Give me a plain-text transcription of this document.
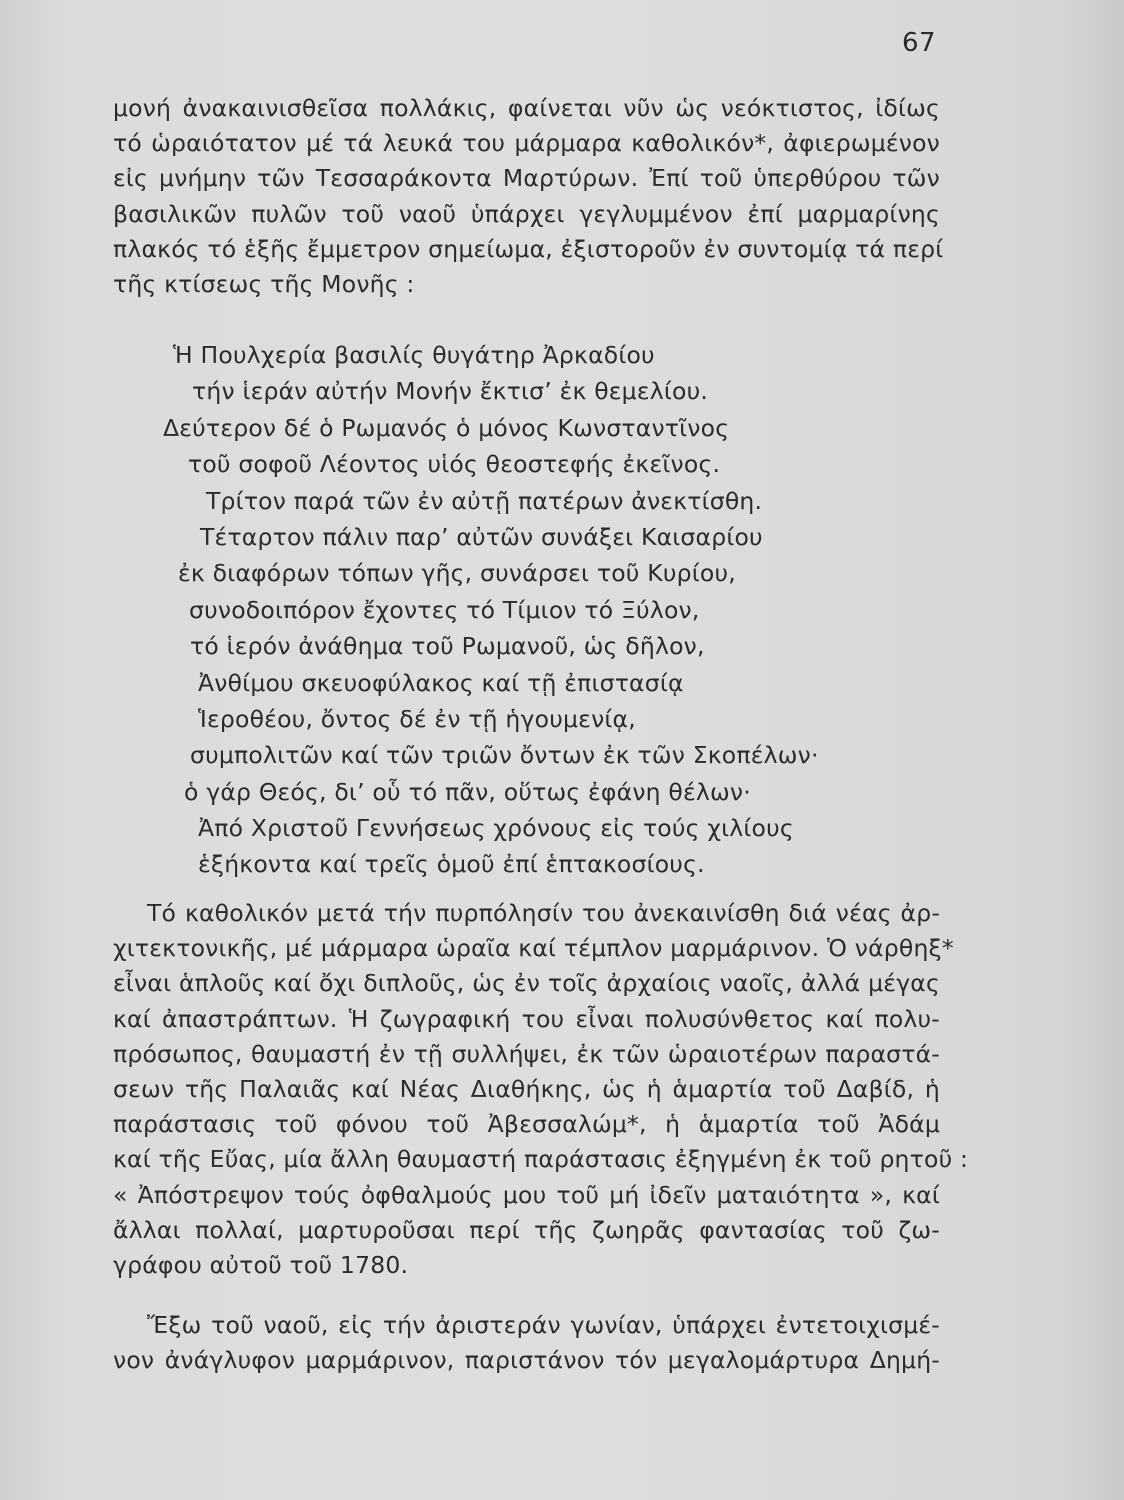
67
μονή ἀνακαινισθεῖσα πολλάκις, φαίνεται νῦν ὡς νεόκτιστος, ἰδίως
τό ὡραιότατον μέ τά λευκά του μάρμαρα καθολικόν*, ἀφιερωμένον
εἰς μνήμην τῶν Τεσσαράκοντα Μαρτύρων. Ἐπί τοῦ ὑπερθύρου τῶν
βασιλικῶν πυλῶν τοῦ ναοῦ ὑπάρχει γεγλυμμένον ἐπί μαρμαρίνης
πλακός τό ἑξῆς ἔμμετρον σημείωμα, ἐξιστοροῦν ἐν συντομίᾳ τά περί
τῆς κτίσεως τῆς Μονῆς :
Ἡ Πουλχερία βασιλίς θυγάτηρ Ἀρκαδίου
τήν ἱεράν αὐτήν Μονήν ἔκτισ’ ἐκ θεμελίου.
Δεύτερον δέ ὁ Ρωμανός ὁ μόνος Κωνσταντῖνος
τοῦ σοφοῦ Λέοντος υἱός θεοστεφής ἐκεῖνος.
Τρίτον παρά τῶν ἐν αὐτῇ πατέρων ἀνεκτίσθη.
Τέταρτον πάλιν παρ’ αὐτῶν συνάξει Καισαρίου
ἐκ διαφόρων τόπων γῆς, συνάρσει τοῦ Κυρίου,
συνοδοιπόρον ἔχοντες τό Τίμιον τό Ξύλον,
τό ἱερόν ἀνάθημα τοῦ Ρωμανοῦ, ὡς δῆλον,
Ἀνθίμου σκευοφύλακος καί τῇ ἐπιστασίᾳ
Ἱεροθέου, ὄντος δέ ἐν τῇ ἡγουμενίᾳ,
συμπολιτῶν καί τῶν τριῶν ὄντων ἐκ τῶν Σκοπέλων·
ὁ γάρ Θεός, δι’ οὗ τό πᾶν, οὕτως ἐφάνη θέλων·
Ἀπό Χριστοῦ Γεννήσεως χρόνους εἰς τούς χιλίους
ἑξήκοντα καί τρεῖς ὁμοῦ ἐπί ἑπτακοσίους.
Τό καθολικόν μετά τήν πυρπόλησίν του ἀνεκαινίσθη διά νέας ἀρ-
χιτεκτονικῆς, μέ μάρμαρα ὡραῖα καί τέμπλον μαρμάρινον. Ὁ νάρθηξ*
εἶναι ἁπλοῦς καί ὄχι διπλοῦς, ὡς ἐν τοῖς ἀρχαίοις ναοῖς, ἀλλά μέγας
καί ἀπαστράπτων. Ἡ ζωγραφική του εἶναι πολυσύνθετος καί πολυ-
πρόσωπος, θαυμαστή ἐν τῇ συλλήψει, ἐκ τῶν ὡραιοτέρων παραστά-
σεων τῆς Παλαιᾶς καί Νέας Διαθήκης, ὡς ἡ ἁμαρτία τοῦ Δαβίδ, ἡ
παράστασις τοῦ φόνου τοῦ Ἀβεσσαλώμ*, ἡ ἁμαρτία τοῦ Ἀδάμ
καί τῆς Εὔας, μία ἄλλη θαυμαστή παράστασις ἐξηγμένη ἐκ τοῦ ρητοῦ :
« Ἀπόστρεψον τούς ὀφθαλμούς μου τοῦ μή ἰδεῖν ματαιότητα », καί
ἄλλαι πολλαί, μαρτυροῦσαι περί τῆς ζωηρᾶς φαντασίας τοῦ ζω-
γράφου αὐτοῦ τοῦ 1780.
Ἔξω τοῦ ναοῦ, εἰς τήν ἀριστεράν γωνίαν, ὑπάρχει ἐντετοιχισμέ-
νον ἀνάγλυφον μαρμάρινον, παριστάνον τόν μεγαλομάρτυρα Δημή-
